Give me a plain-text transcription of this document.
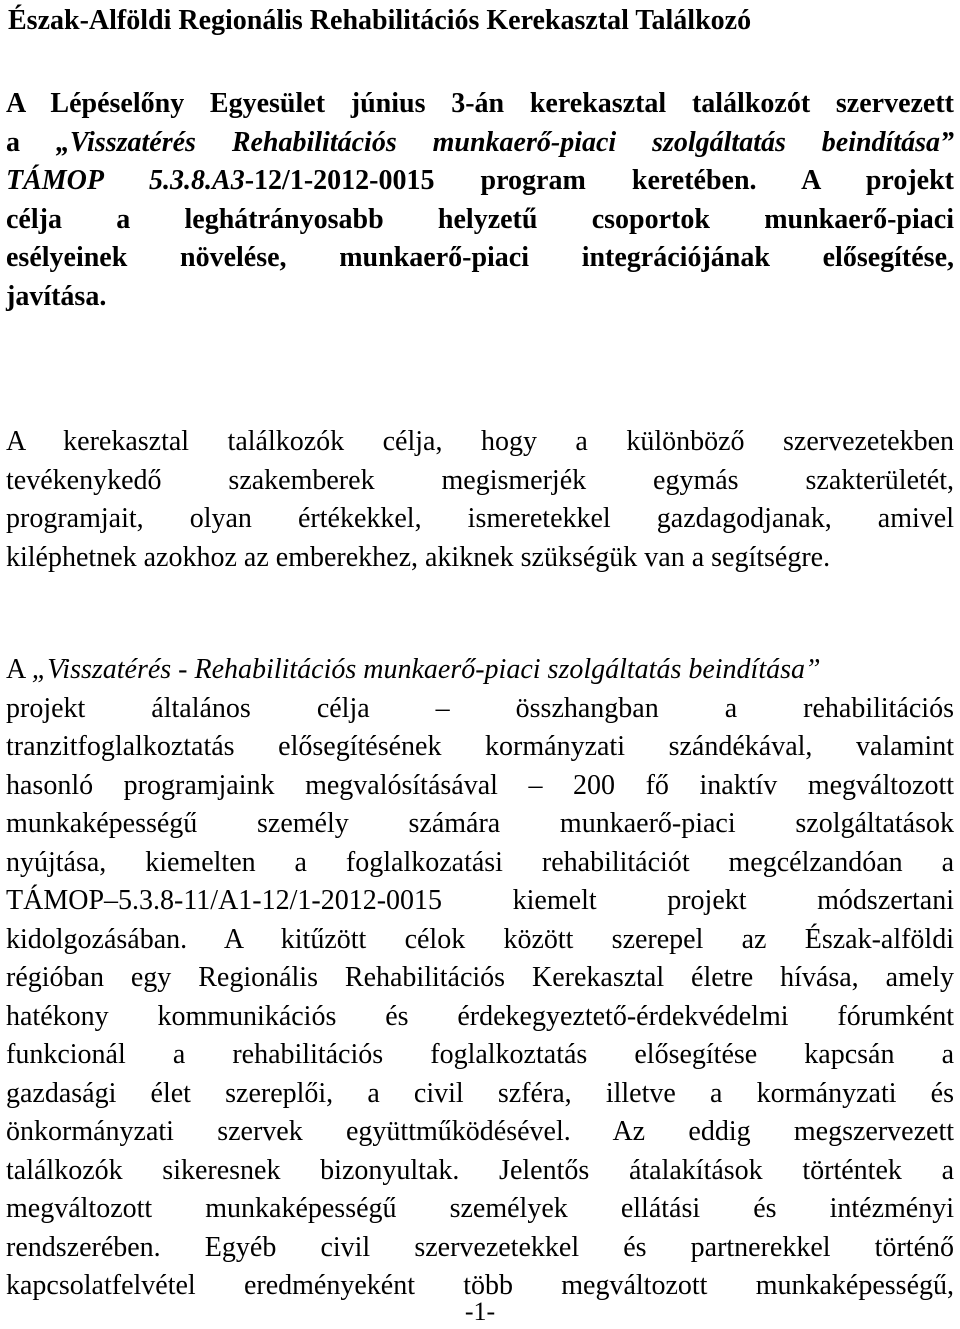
Észak-Alföldi Regionális Rehabilitációs Kerekasztal Találkozó
A Lépéselőny Egyesület június 3-án kerekasztal találkozót szervezett
a „Visszatérés Rehabilitációs munkaerő-piaci szolgáltatás beindítása”
TÁMOP 5.3.8.A3-12/1-2012-0015 program keretében. A projekt
célja a leghátrányosabb helyzetű csoportok munkaerő-piaci
esélyeinek növelése, munkaerő-piaci integrációjának elősegítése,
javítása.
A kerekasztal találkozók célja, hogy a különböző szervezetekben
tevékenykedő szakemberek megismerjék egymás szakterületét,
programjait, olyan értékekkel, ismeretekkel gazdagodjanak, amivel
kiléphetnek azokhoz az emberekhez, akiknek szükségük van a segítségre.
A „Visszatérés - Rehabilitációs munkaerő-piaci szolgáltatás beindítása”
projekt általános célja – összhangban a rehabilitációs
tranzitfoglalkoztatás elősegítésének kormányzati szándékával, valamint
hasonló programjaink megvalósításával – 200 fő inaktív megváltozott
munkaképességű személy számára munkaerő-piaci szolgáltatások
nyújtása, kiemelten a foglalkozatási rehabilitációt megcélzandóan a
TÁMOP–5.3.8-11/A1-12/1-2012-0015 kiemelt projekt módszertani
kidolgozásában. A kitűzött célok között szerepel az Észak-alföldi
régióban egy Regionális Rehabilitációs Kerekasztal életre hívása, amely
hatékony kommunikációs és érdekegyeztető-érdekvédelmi fórumként
funkcionál a rehabilitációs foglalkoztatás elősegítése kapcsán a
gazdasági élet szereplői, a civil szféra, illetve a kormányzati és
önkormányzati szervek együttműködésével. Az eddig megszervezett
találkozók sikeresnek bizonyultak. Jelentős átalakítások történtek a
megváltozott munkaképességű személyek ellátási és intézményi
rendszerében. Egyéb civil szervezetekkel és partnerekkel történő
kapcsolatfelvétel eredményeként több megváltozott munkaképességű,
-1-
